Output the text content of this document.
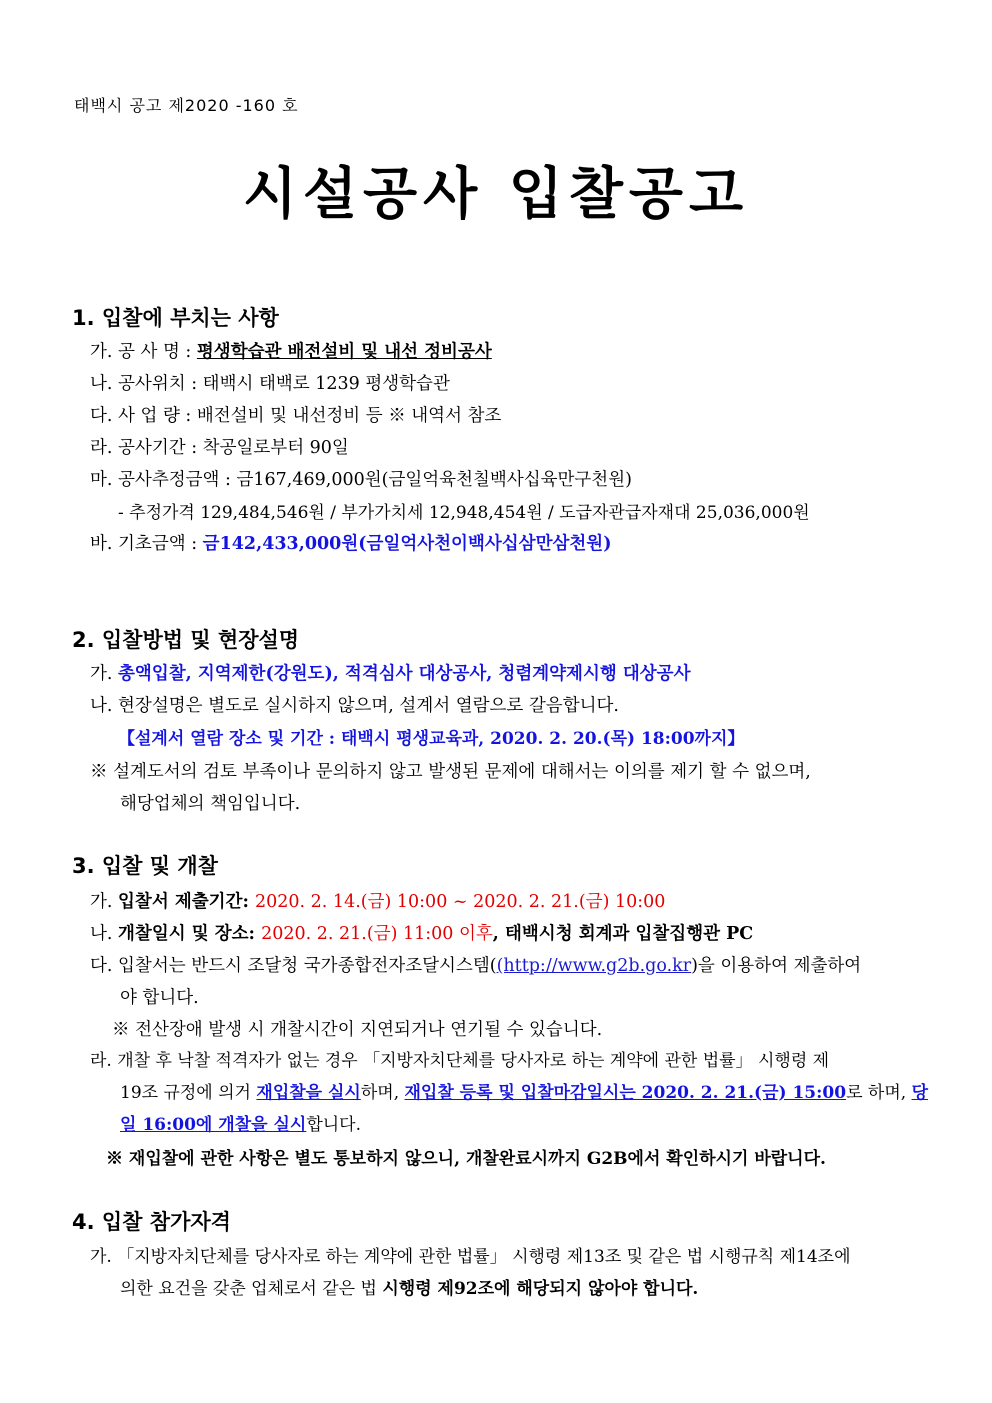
태백시 공고 제2020 -160 호
시설공사 입찰공고
1. 입찰에 부치는 사항
가. 공 사 명 : 평생학습관 배전설비 및 내선 정비공사
나. 공사위치 : 태백시 태백로 1239 평생학습관
다. 사 업 량 : 배전설비 및 내선정비 등 ※ 내역서 참조
라. 공사기간 : 착공일로부터 90일
마. 공사추정금액 : 금167,469,000원(금일억육천칠백사십육만구천원)
- 추정가격 129,484,546원 / 부가가치세 12,948,454원 / 도급자관급자재대 25,036,000원
바. 기초금액 : 금142,433,000원(금일억사천이백사십삼만삼천원)
2. 입찰방법 및 현장설명
가. 총액입찰, 지역제한(강원도), 적격심사 대상공사, 청렴계약제시행 대상공사
나. 현장설명은 별도로 실시하지 않으며, 설계서 열람으로 갈음합니다.
【설계서 열람 장소 및 기간 : 태백시 평생교육과, 2020. 2. 20.(목) 18:00까지】
※ 설계도서의 검토 부족이나 문의하지 않고 발생된 문제에 대해서는 이의를 제기 할 수 없으며,
해당업체의 책임입니다.
3. 입찰 및 개찰
가. 입찰서 제출기간: 2020. 2. 14.(금) 10:00 ~ 2020. 2. 21.(금) 10:00
나. 개찰일시 및 장소: 2020. 2. 21.(금) 11:00 이후, 태백시청 회계과 입찰집행관 PC
다. 입찰서는 반드시 조달청 국가종합전자조달시스템((http://www.g2b.go.kr)을 이용하여 제출하여
야 합니다.
※ 전산장애 발생 시 개찰시간이 지연되거나 연기될 수 있습니다.
라. 개찰 후 낙찰 적격자가 없는 경우 「지방자치단체를 당사자로 하는 계약에 관한 법률」 시행령 제
19조 규정에 의거 재입찰을 실시하며, 재입찰 등록 및 입찰마감일시는 2020. 2. 21.(금) 15:00로 하며, 당
일 16:00에 개찰을 실시합니다.
※ 재입찰에 관한 사항은 별도 통보하지 않으니, 개찰완료시까지 G2B에서 확인하시기 바랍니다.
4. 입찰 참가자격
가. 「지방자치단체를 당사자로 하는 계약에 관한 법률」 시행령 제13조 및 같은 법 시행규칙 제14조에
의한 요건을 갖춘 업체로서 같은 법 시행령 제92조에 해당되지 않아야 합니다.
